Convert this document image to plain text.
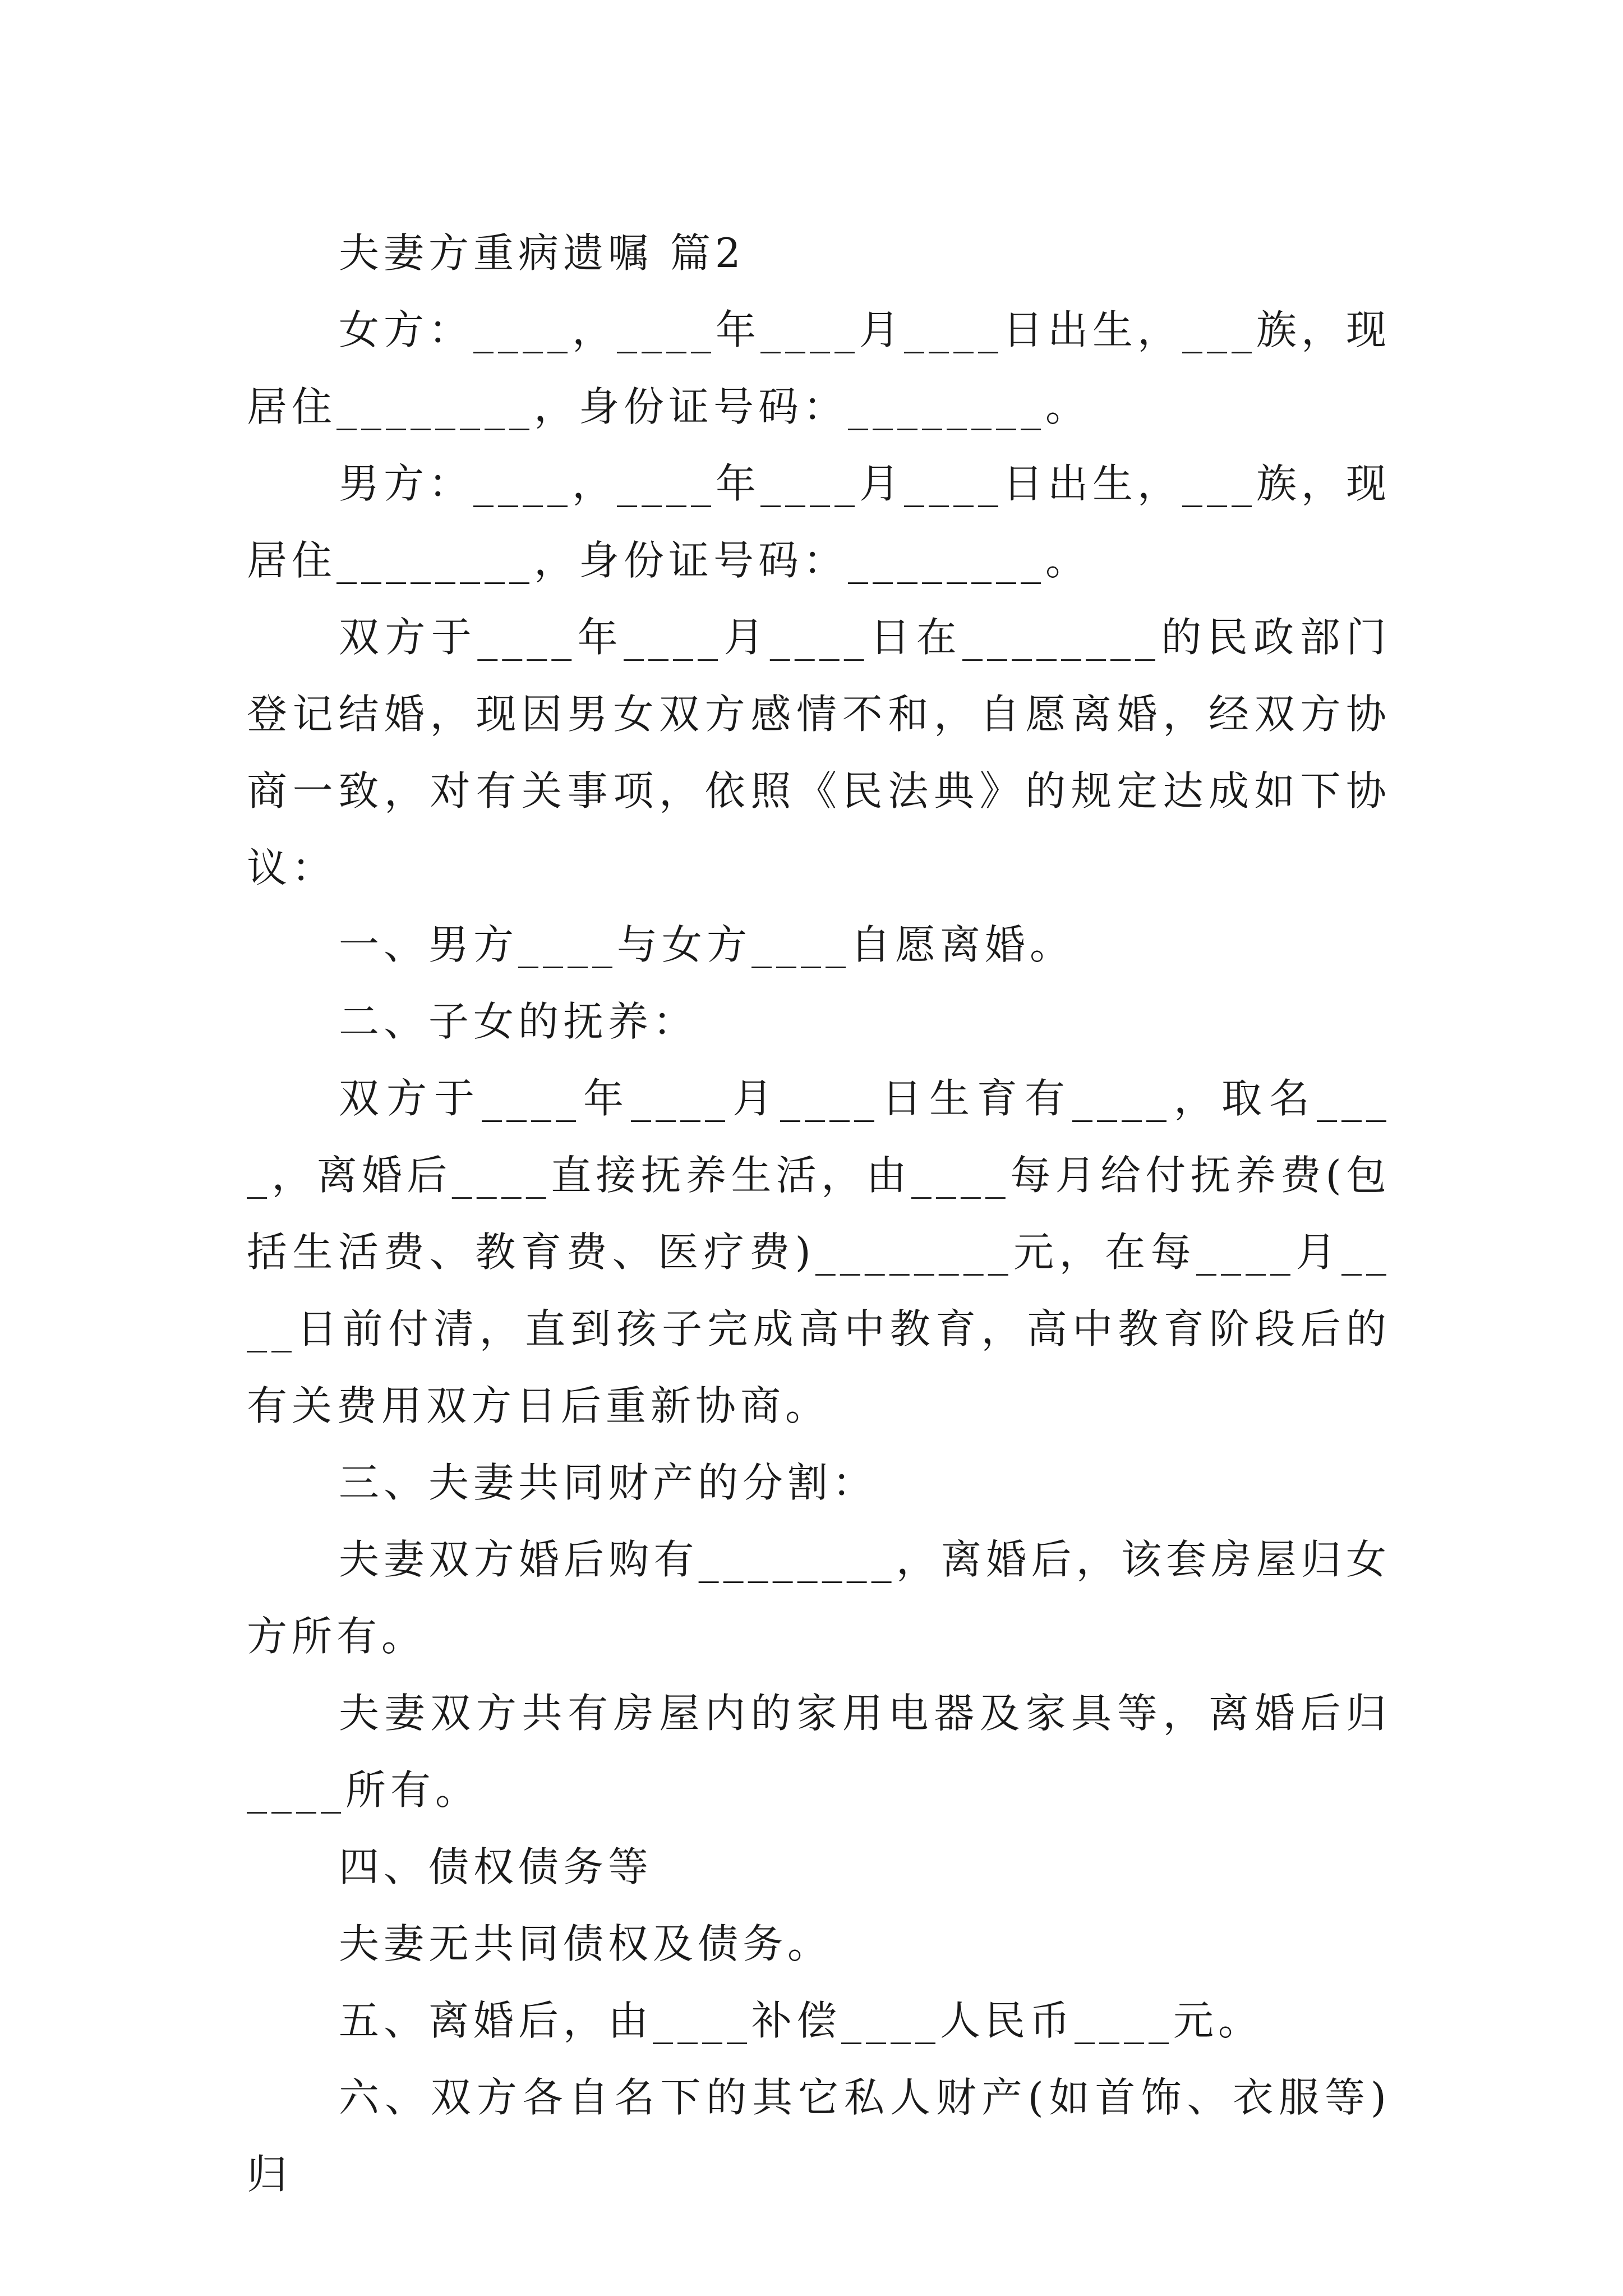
夫妻方重病遗嘱 篇2

女方：____，____年____月____日出生，___族，现居住________，身份证号码：________。

男方：____，____年____月____日出生，___族，现居住________，身份证号码：________。

双方于____年____月____日在________的民政部门登记结婚，现因男女双方感情不和，自愿离婚，经双方协商一致，对有关事项，依照《民法典》的规定达成如下协议：

一、男方____与女方____自愿离婚。

二、子女的抚养：

双方于____年____月____日生育有____，取名____，离婚后____直接抚养生活，由____每月给付抚养费(包括生活费、教育费、医疗费)________元，在每____月____日前付清，直到孩子完成高中教育，高中教育阶段后的有关费用双方日后重新协商。

三、夫妻共同财产的分割：

夫妻双方婚后购有________，离婚后，该套房屋归女方所有。

夫妻双方共有房屋内的家用电器及家具等，离婚后归____所有。

四、债权债务等

夫妻无共同债权及债务。

五、离婚后，由____补偿____人民币____元。

六、双方各自名下的其它私人财产(如首饰、衣服等)归
